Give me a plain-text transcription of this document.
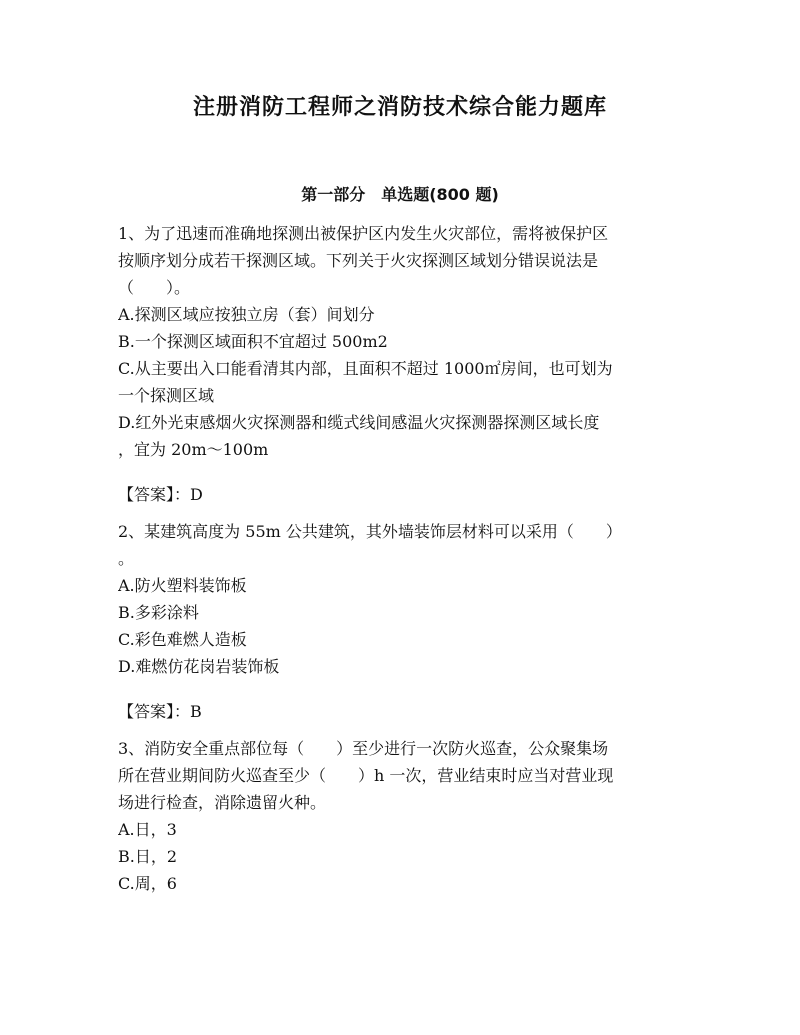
注册消防工程师之消防技术综合能力题库
第一部分　单选题(800 题)
1、为了迅速而准确地探测出被保护区内发生火灾部位，需将被保护区
按顺序划分成若干探测区域。下列关于火灾探测区域划分错误说法是
（　　）。
A.探测区域应按独立房（套）间划分
B.一个探测区域面积不宜超过 500m2
C.从主要出入口能看清其内部，且面积不超过 1000㎡房间，也可划为
一个探测区域
D.红外光束感烟火灾探测器和缆式线间感温火灾探测器探测区域长度
，宜为 20m～100m
【答案】：D
2、某建筑高度为 55m 公共建筑，其外墙装饰层材料可以采用（　　）
。
A.防火塑料装饰板
B.多彩涂料
C.彩色难燃人造板
D.难燃仿花岗岩装饰板
【答案】：B
3、消防安全重点部位每（　　）至少进行一次防火巡查，公众聚集场
所在营业期间防火巡查至少（　　）h 一次，营业结束时应当对营业现
场进行检查，消除遗留火种。
A.日，3
B.日，2
C.周，6
